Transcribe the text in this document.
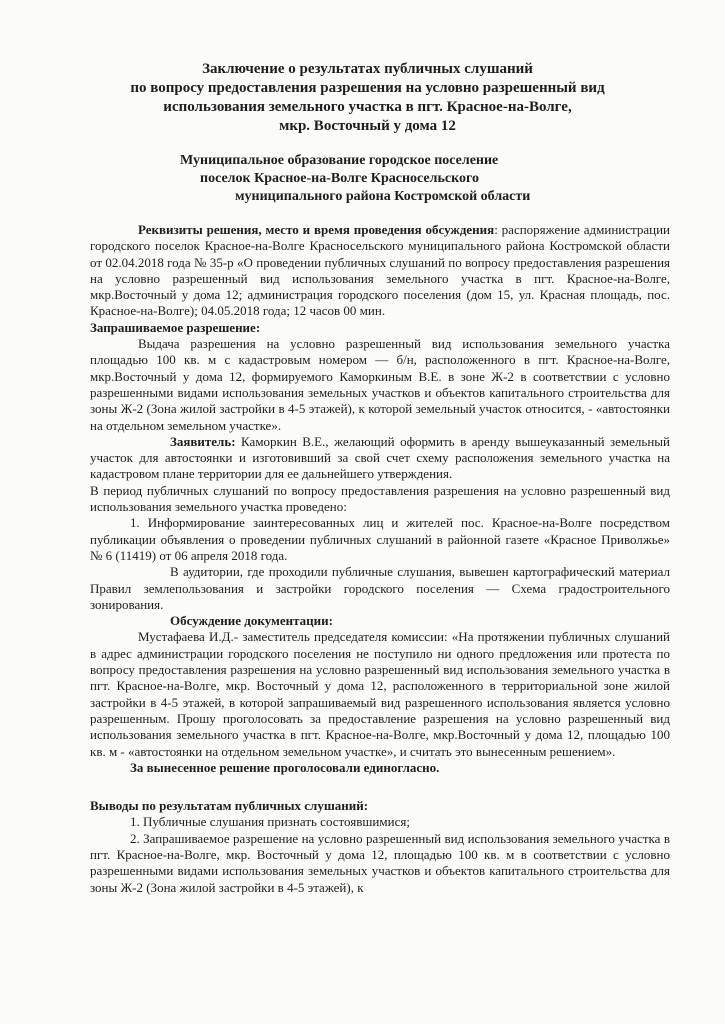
Заключение о результатах публичных слушаний
по вопросу предоставления разрешения на условно разрешенный вид
использования земельного участка в пгт. Красное-на-Волге,
мкр. Восточный у дома 12
Муниципальное образование городское поселение
поселок Красное-на-Волге Красносельского
муниципального района Костромской области

Реквизиты решения, место и время проведения обсуждения: распоряжение администрации городского поселок Красное-на-Волге Красносельского муниципального района Костромской области от 02.04.2018 года № 35-р «О проведении публичных слушаний по вопросу предоставления разрешения на условно разрешенный вид использования земельного участка в пгт. Красное-на-Волге, мкр.Восточный у дома 12; администрация городского поселения (дом 15, ул. Красная площадь, пос. Красное-на-Волге); 04.05.2018 года; 12 часов 00 мин.

Запрашиваемое разрешение:

Выдача разрешения на условно разрешенный вид использования земельного участка площадью 100 кв. м с кадастровым номером — б/н, расположенного в пгт. Красное-на-Волге, мкр.Восточный у дома 12, формируемого Каморкиным В.Е. в зоне Ж-2 в соответствии с условно разрешенными видами использования земельных участков и объектов капитального строительства для зоны Ж-2 (Зона жилой застройки в 4-5 этажей), к которой земельный участок относится, - «автостоянки на отдельном земельном участке».

Заявитель: Каморкин В.Е., желающий оформить в аренду вышеуказанный земельный участок для автостоянки и изготовивший за свой счет схему расположения земельного участка на кадастровом плане территории для ее дальнейшего утверждения.

В период публичных слушаний по вопросу предоставления разрешения на условно разрешенный вид использования земельного участка проведено:

1. Информирование заинтересованных лиц и жителей пос. Красное-на-Волге посредством публикации объявления о проведении публичных слушаний в районной газете «Красное Приволжье» № 6 (11419) от 06 апреля 2018 года.

В аудитории, где проходили публичные слушания, вывешен картографический материал Правил землепользования и застройки городского поселения — Схема градостроительного зонирования.

Обсуждение документации:

Мустафаева И.Д.- заместитель председателя комиссии: «На протяжении публичных слушаний в адрес администрации городского поселения не поступило ни одного предложения или протеста по вопросу предоставления разрешения на условно разрешенный вид использования земельного участка в пгт. Красное-на-Волге, мкр. Восточный у дома 12, расположенного в территориальной зоне жилой застройки в 4-5 этажей, в которой запрашиваемый вид разрешенного использования является условно разрешенным. Прошу проголосовать за предоставление разрешения на условно разрешенный вид использования земельного участка в пгт. Красное-на-Волге, мкр.Восточный у дома 12, площадью 100 кв. м - «автостоянки на отдельном земельном участке», и считать это вынесенным решением».

За вынесенное решение проголосовали единогласно.

Выводы по результатам публичных слушаний:

1. Публичные слушания признать состоявшимися;

2. Запрашиваемое разрешение на условно разрешенный вид использования земельного участка в пгт. Красное-на-Волге, мкр. Восточный у дома 12, площадью 100 кв. м в соответствии с условно разрешенными видами использования земельных участков и объектов капитального строительства для зоны Ж-2 (Зона жилой застройки в 4-5 этажей), к
